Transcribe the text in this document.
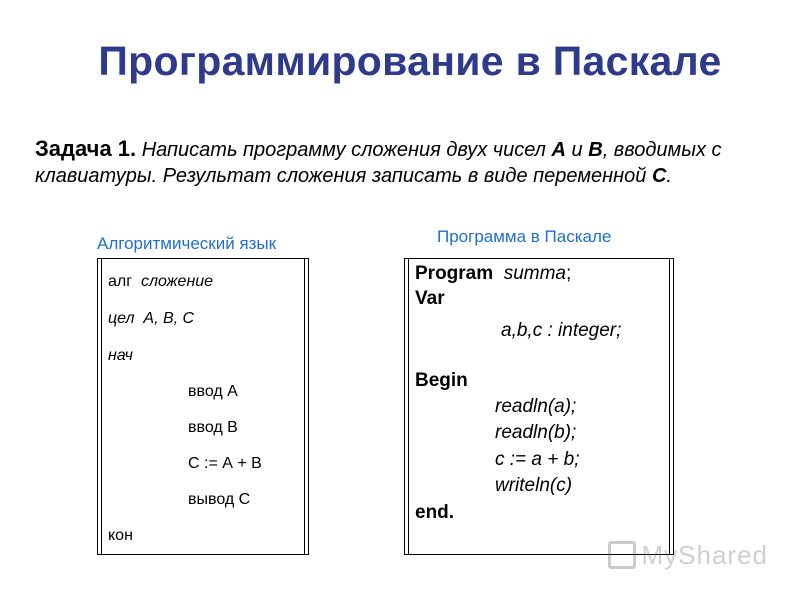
Программирование в Паскале
Задача 1. Написать программу сложения двух чисел А и В, вводимых с клавиатуры. Результат сложения записать в виде переменной С.
Алгоритмический язык	Программа в Паскале
алг сложение
цел  А, В, С
нач
ввод А
ввод В
С := А + В
вывод С
кон
Program summa;
Var
a,b,c : integer;
Begin
readln(a);
readln(b);
c := a + b;
writeln(c)
end.
MyShared
